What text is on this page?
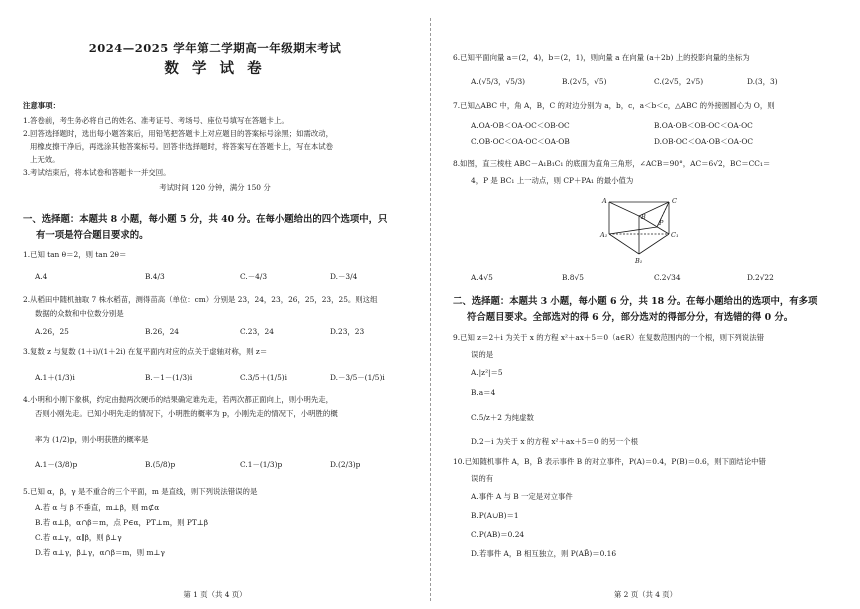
2024—2025 学年第二学期高一年级期末考试
数 学 试 卷
注意事项：
1.答卷前，考生务必将自己的姓名、准考证号、考场号、座位号填写在答题卡上。
2.回答选择题时，选出每小题答案后，用铅笔把答题卡上对应题目的答案标号涂黑；如需改动，
用橡皮擦干净后，再选涂其他答案标号。回答非选择题时，将答案写在答题卡上，写在本试卷
上无效。
3.考试结束后，将本试卷和答题卡一并交回。
考试时间 120 分钟，满分 150 分
一、选择题：本题共 8 小题，每小题 5 分，共 40 分。在每小题给出的四个选项中，只
有一项是符合题目要求的。
1.已知 tan θ＝2，则 tan 2θ＝
A.4	B.4/3	C.－4/3	D.－3/4
2.从稻田中随机抽取 7 株水稻苗，测得苗高（单位：cm）分别是 23，24，23，26，25，23，25。则这组
数据的众数和中位数分别是
A.26，25	B.26，24	C.23，24	D.23，23
3.复数 z 与复数 (1＋i)/(1＋2i) 在复平面内对应的点关于虚轴对称，则 z＝
A.1＋(1/3)i	B.－1－(1/3)i	C.3/5＋(1/5)i	D.－3/5－(1/5)i
4.小明和小刚下象棋，约定由抛两次硬币的结果确定谁先走，若两次都正面向上，则小明先走，
否则小刚先走。已知小明先走的情况下，小明胜的概率为 p，小刚先走的情况下，小明胜的概
率为 (1/2)p，则小明获胜的概率是
A.1－(3/8)p	B.(5/8)p	C.1－(1/3)p	D.(2/3)p
5.已知 α，β，γ 是不重合的三个平面，m 是直线，则下列说法错误的是
A.若 α 与 β 不垂直，m⊥β，则 m⊄α
B.若 α⊥β，α∩β＝m，点 P∈α，PT⊥m，则 PT⊥β
C.若 α⊥γ，α∥β，则 β⊥γ
D.若 α⊥γ，β⊥γ，α∩β＝m，则 m⊥γ
第 1 页（共 4 页）
6.已知平面向量 a＝(2，4)，b＝(2，1)，则向量 a 在向量 (a＋2b) 上的投影向量的坐标为
A.(√5/3，√5/3)	B.(2√5，√5)	C.(2√5，2√5)	D.(3，3)
7.已知△ABC 中，角 A，B，C 的对边分别为 a，b，c，a＜b＜c，△ABC 的外接圆圆心为 O，则
A.OA·OB＜OA·OC＜OB·OC	B.OA·OB＜OB·OC＜OA·OC
C.OB·OC＜OA·OC＜OA·OB	D.OB·OC＜OA·OB＜OA·OC
8.如图，直三棱柱 ABC－A₁B₁C₁ 的底面为直角三角形，∠ACB＝90°，AC＝6√2，BC＝CC₁＝
4，P 是 BC₁ 上一动点，则 CP＋PA₁ 的最小值为
A	C
B
P
A₁	C₁
B₁
A.4√5	B.8√5	C.2√34	D.2√22
二、选择题：本题共 3 小题，每小题 6 分，共 18 分。在每小题给出的选项中，有多项
符合题目要求。全部选对的得 6 分，部分选对的得部分分，有选错的得 0 分。
9.已知 z＝2＋i 为关于 x 的方程 x²＋ax＋5＝0（a∈R）在复数范围内的一个根，则下列说法错
误的是
A.|z²|＝5
B.a＝4
C.5/z＋2 为纯虚数
D.2－i 为关于 x 的方程 x²＋ax＋5＝0 的另一个根
10.已知随机事件 A，B，B̄ 表示事件 B 的对立事件，P(A)＝0.4，P(B)＝0.6，则下面结论中错
误的有
A.事件 A 与 B 一定是对立事件
B.P(A∪B)＝1
C.P(AB)＝0.24
D.若事件 A，B 相互独立，则 P(AB̄)＝0.16
第 2 页（共 4 页）
